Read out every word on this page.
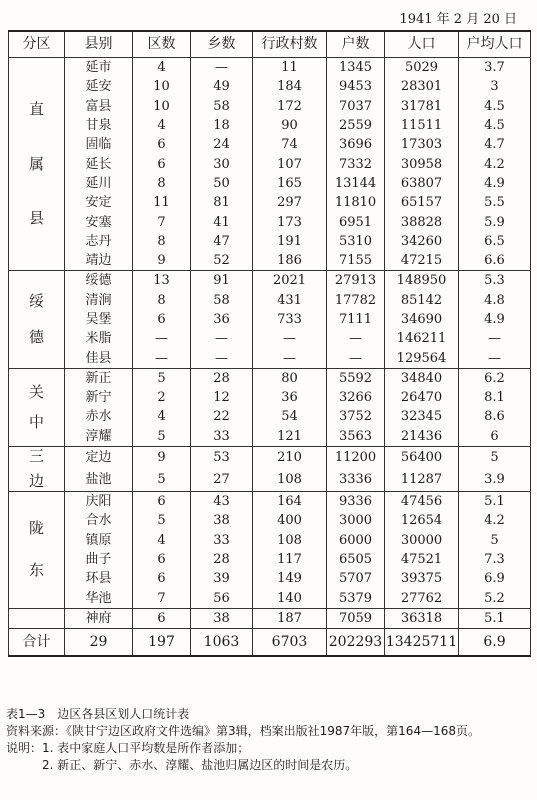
1941 年 2 月 20 日
分区	县别	区数	乡数	行政村数	户数	人口	户均人口

直
属
县	延市	4	—	11	1345	5029	3.7
	延安	10	49	184	9453	28301	3
	富县	10	58	172	7037	31781	4.5
	甘泉	4	18	90	2559	11511	4.5
	固临	6	24	74	3696	17303	4.7
	延长	6	30	107	7332	30958	4.2
	延川	8	50	165	13144	63807	4.9
	安定	11	81	297	11810	65157	5.5
	安塞	7	41	173	6951	38828	5.9
	志丹	8	47	191	5310	34260	6.5
	靖边	9	52	186	7155	47215	6.6

绥
德	绥德	13	91	2021	27913	148950	5.3
	清涧	8	58	431	17782	85142	4.8
	吴堡	6	36	733	7111	34690	4.9
	米脂	—	—	—	—	146211	—
	佳县	—	—	—	—	129564	—

关
中	新正	5	28	80	5592	34840	6.2
	新宁	2	12	36	3266	26470	8.1
	赤水	4	22	54	3752	32345	8.6
	淳耀	5	33	121	3563	21436	6

三
边	定边	9	53	210	11200	56400	5
	盐池	5	27	108	3336	11287	3.9

陇
东	庆阳	6	43	164	9336	47456	5.1
	合水	5	38	400	3000	12654	4.2
	镇原	4	33	108	6000	30000	5
	曲子	6	28	117	6505	47521	7.3
	环县	6	39	149	5707	39375	6.9
	华池	7	56	140	5379	27762	5.2
	神府	6	38	187	7059	36318	5.1
合计	29	197	1063	6703	202293	13425711	6.9
表1—3　边区各县区划人口统计表
资料来源：《陕甘宁边区政府文件选编》第3辑，档案出版社1987年版，第164—168页。
说明：1. 表中家庭人口平均数是所作者添加；
2. 新正、新宁、赤水、淳耀、盐池归属边区的时间是农历。
